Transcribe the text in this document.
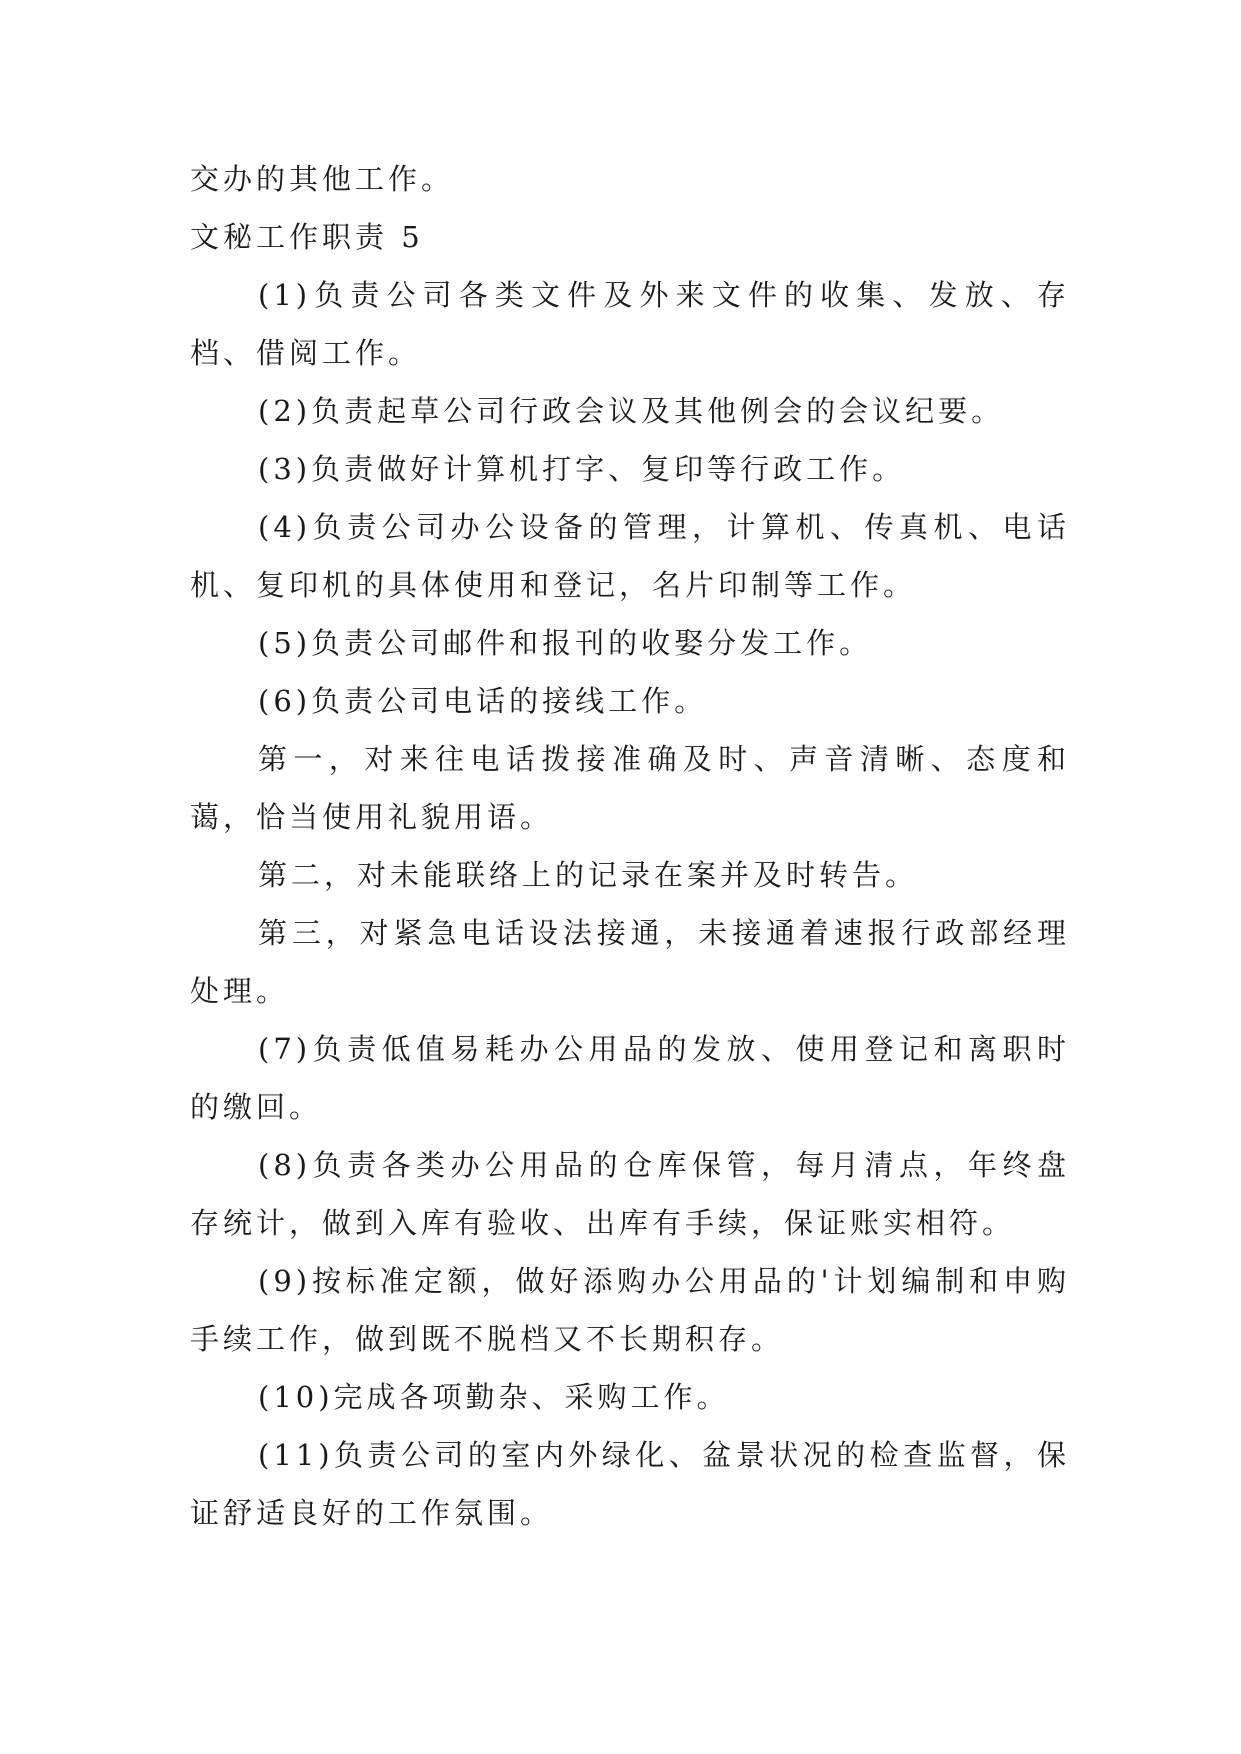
交办的其他工作。

文秘工作职责 5

(1)负责公司各类文件及外来文件的收集、发放、存档、借阅工作。

(2)负责起草公司行政会议及其他例会的会议纪要。

(3)负责做好计算机打字、复印等行政工作。

(4)负责公司办公设备的管理，计算机、传真机、电话机、复印机的具体使用和登记，名片印制等工作。

(5)负责公司邮件和报刊的收娶分发工作。

(6)负责公司电话的接线工作。

第一，对来往电话拨接准确及时、声音清晰、态度和蔼，恰当使用礼貌用语。

第二，对未能联络上的记录在案并及时转告。

第三，对紧急电话设法接通，未接通着速报行政部经理处理。

(7)负责低值易耗办公用品的发放、使用登记和离职时的缴回。

(8)负责各类办公用品的仓库保管，每月清点，年终盘存统计，做到入库有验收、出库有手续，保证账实相符。

(9)按标准定额，做好添购办公用品的'计划编制和申购手续工作，做到既不脱档又不长期积存。

(10)完成各项勤杂、采购工作。

(11)负责公司的室内外绿化、盆景状况的检查监督，保证舒适良好的工作氛围。
